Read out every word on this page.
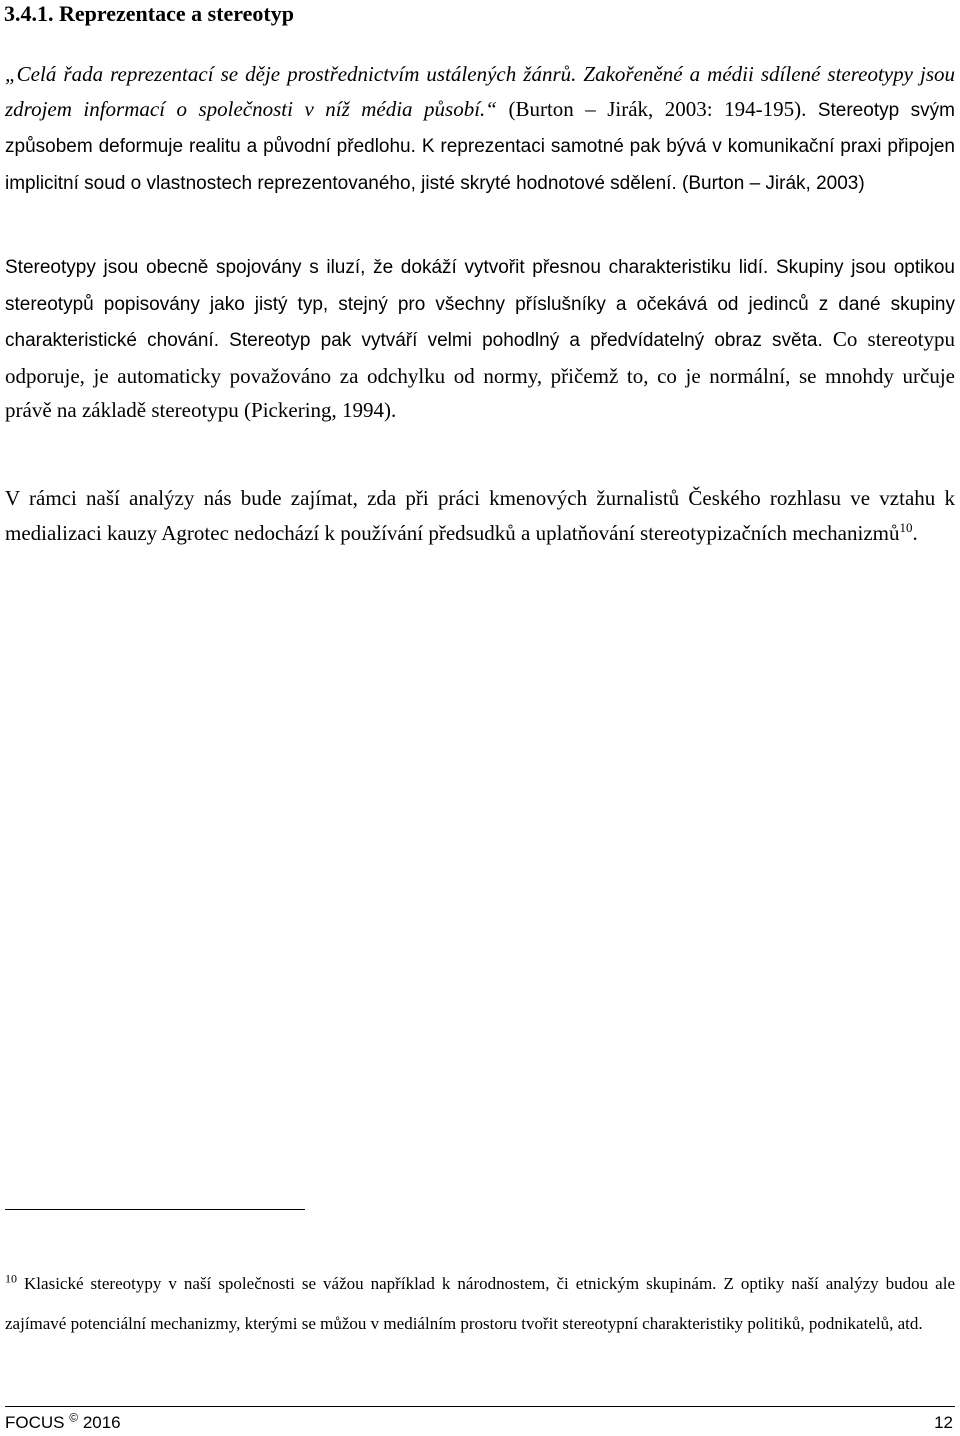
3.4.1. Reprezentace a stereotyp

„Celá řada reprezentací se děje prostřednictvím ustálených žánrů. Zakořeněné a médii sdílené stereotypy jsou zdrojem informací o společnosti v níž média působí.“ (Burton – Jirák, 2003: 194-195). Stereotyp svým způsobem deformuje realitu a původní předlohu. K reprezentaci samotné pak bývá v komunikační praxi připojen implicitní soud o vlastnostech reprezentovaného, jisté skryté hodnotové sdělení. (Burton – Jirák, 2003)

Stereotypy jsou obecně spojovány s iluzí, že dokáží vytvořit přesnou charakteristiku lidí. Skupiny jsou optikou stereotypů popisovány jako jistý typ, stejný pro všechny příslušníky a očekává od jedinců z dané skupiny charakteristické chování. Stereotyp pak vytváří velmi pohodlný a předvídatelný obraz světa. Co stereotypu odporuje, je automaticky považováno za odchylku od normy, přičemž to, co je normální, se mnohdy určuje právě na základě stereotypu (Pickering, 1994).

V rámci naší analýzy nás bude zajímat, zda při práci kmenových žurnalistů Českého rozhlasu ve vztahu k medializaci kauzy Agrotec nedochází k používání předsudků a uplatňování stereotypizačních mechanizmů$^{10}$.

$^{10}$ Klasické stereotypy v naší společnosti se vážou například k národnostem, či etnickým skupinám. Z optiky naší analýzy budou ale zajímavé potenciální mechanizmy, kterými se můžou v mediálním prostoru tvořit stereotypní charakteristiky politiků, podnikatelů, atd.

FOCUS © 2016	12
